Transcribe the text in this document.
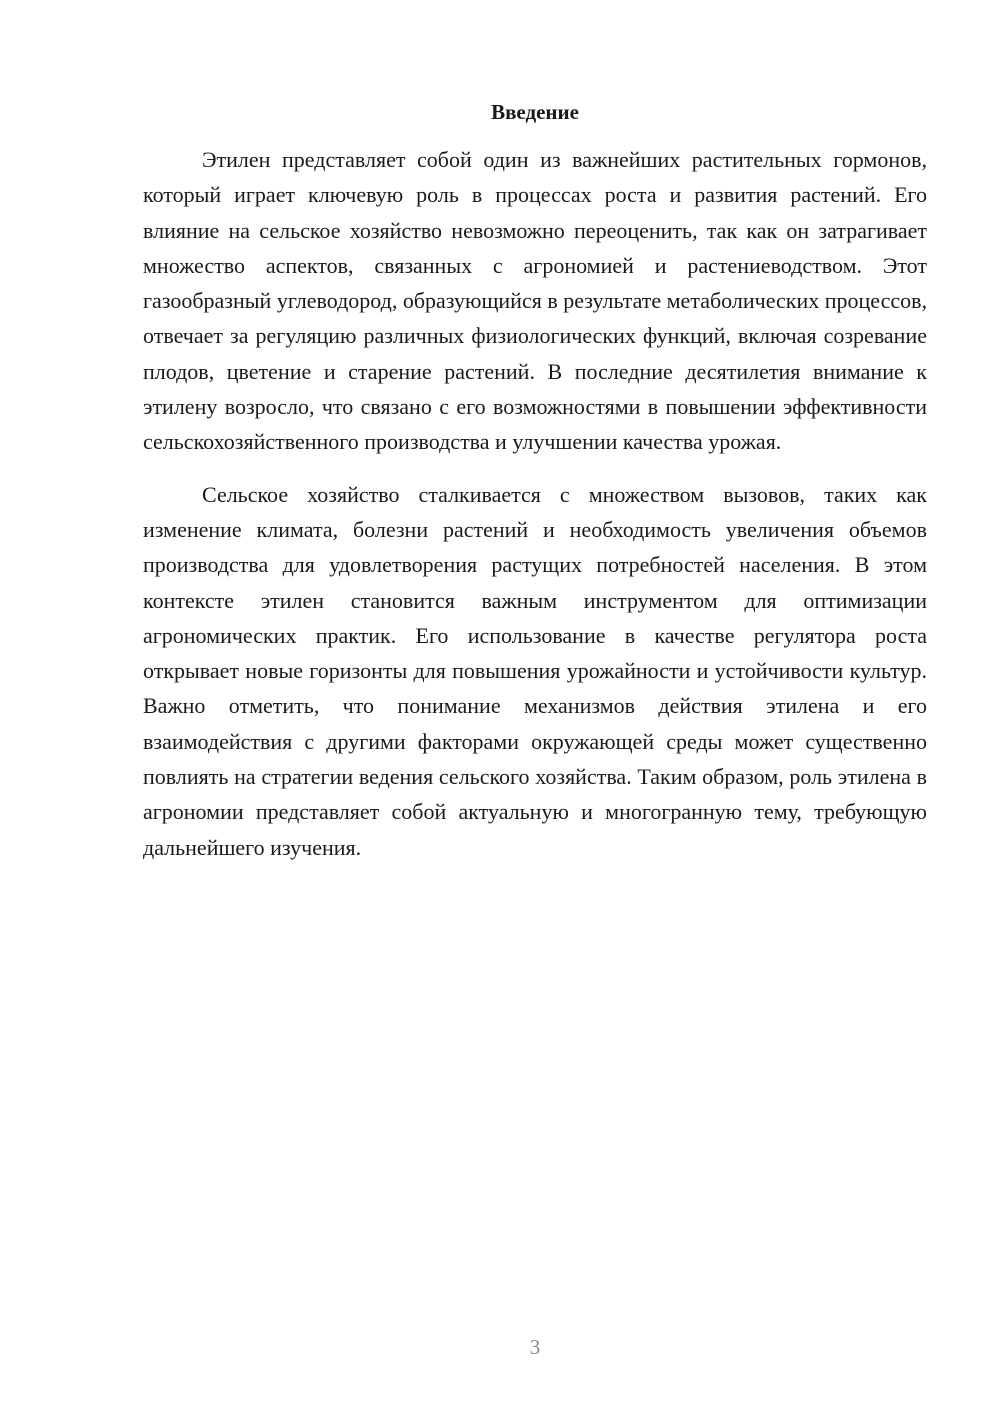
Введение

Этилен представляет собой один из важнейших растительных гормонов, который играет ключевую роль в процессах роста и развития растений. Его влияние на сельское хозяйство невозможно переоценить, так как он затрагивает множество аспектов, связанных с агрономией и растениеводством. Этот газообразный углеводород, образующийся в результате метаболических процессов, отвечает за регуляцию различных физиологических функций, включая созревание плодов, цветение и старение растений. В последние десятилетия внимание к этилену возросло, что связано с его возможностями в повышении эффективности сельскохозяйственного производства и улучшении качества урожая.

Сельское хозяйство сталкивается с множеством вызовов, таких как изменение климата, болезни растений и необходимость увеличения объемов производства для удовлетворения растущих потребностей населения. В этом контексте этилен становится важным инструментом для оптимизации агрономических практик. Его использование в качестве регулятора роста открывает новые горизонты для повышения урожайности и устойчивости культур. Важно отметить, что понимание механизмов действия этилена и его взаимодействия с другими факторами окружающей среды может существенно повлиять на стратегии ведения сельского хозяйства. Таким образом, роль этилена в агрономии представляет собой актуальную и многогранную тему, требующую дальнейшего изучения.

3
